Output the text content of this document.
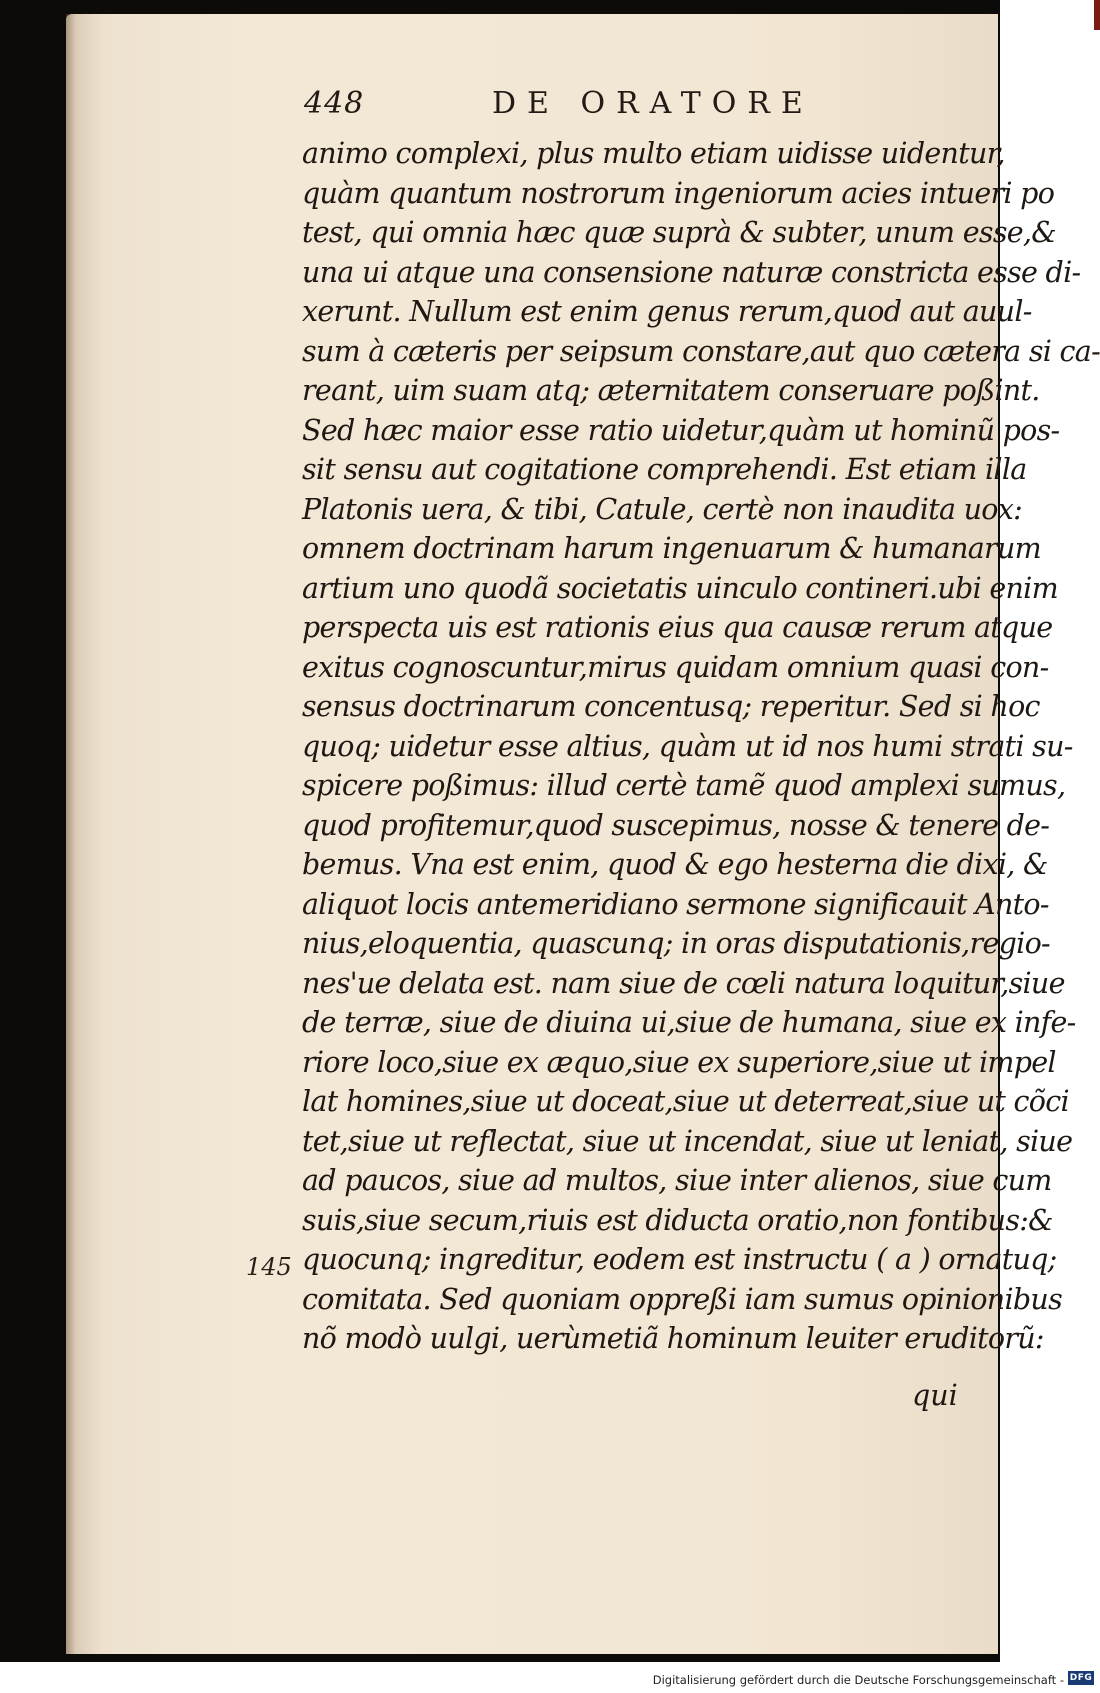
448	DE ORATORE
animo complexi, plus multo etiam uidisse uidentur,
quàm quantum nostrorum ingeniorum acies intueri po
test, qui omnia hæc quæ suprà & subter, unum esse,&
una ui atque una consensione naturæ constricta esse di-
xerunt. Nullum est enim genus rerum,quod aut auul-
sum à cæteris per seipsum constare,aut quo cætera si ca-
reant, uim suam atq; æternitatem conseruare poßint.
Sed hæc maior esse ratio uidetur,quàm ut hominũ pos-
sit sensu aut cogitatione comprehendi. Est etiam illa
Platonis uera, & tibi, Catule, certè non inaudita uox:
omnem doctrinam harum ingenuarum & humanarum
artium uno quodã societatis uinculo contineri.ubi enim
perspecta uis est rationis eius qua causæ rerum atque
exitus cognoscuntur,mirus quidam omnium quasi con-
sensus doctrinarum concentusq; reperitur. Sed si hoc
quoq; uidetur esse altius, quàm ut id nos humi strati su-
spicere poßimus: illud certè tamẽ quod amplexi sumus,
quod profitemur,quod suscepimus, nosse & tenere de-
bemus. Vna est enim, quod & ego hesterna die dixi, &
aliquot locis antemeridiano sermone significauit Anto-
nius,eloquentia, quascunq; in oras disputationis,regio-
nes'ue delata est. nam siue de cœli natura loquitur,siue
de terræ, siue de diuina ui,siue de humana, siue ex infe-
riore loco,siue ex æquo,siue ex superiore,siue ut impel
lat homines,siue ut doceat,siue ut deterreat,siue ut cõci
tet,siue ut reflectat, siue ut incendat, siue ut leniat, siue
ad paucos, siue ad multos, siue inter alienos, siue cum
suis,siue secum,riuis est diducta oratio,non fontibus:&
quocunq; ingreditur, eodem est instructu ( a ) ornatuq;
comitata. Sed quoniam oppreßi iam sumus opinionibus
nõ modò uulgi, uerùmetiã hominum leuiter eruditorũ:
145
qui
Digitalisierung gefördert durch die Deutsche Forschungsgemeinschaft - DFG
